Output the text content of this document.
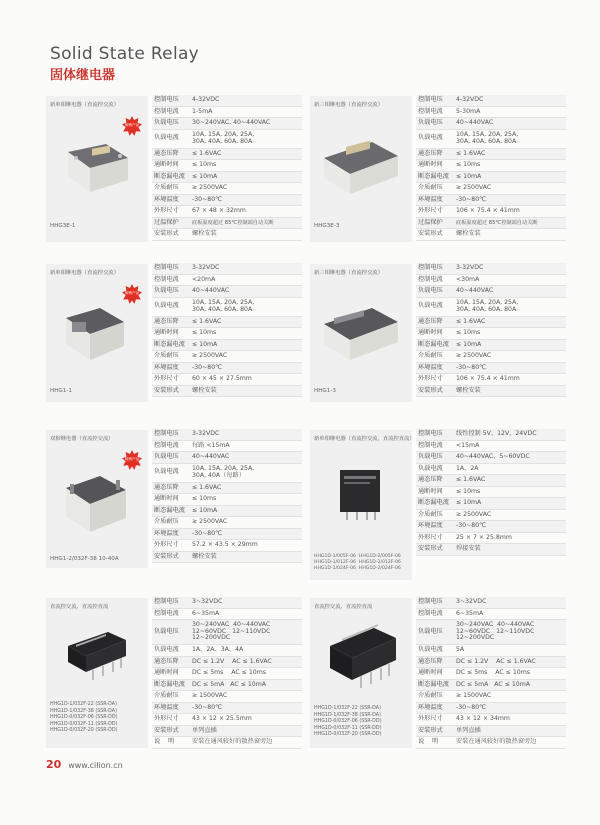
Solid State Relay
固体继电器
新单相继电器（直流控交流）
畅销产品
HHG3E-1
控制电压	4-32VDC
控制电流	1-5mA
负载电压	30~240VAC, 40~440VAC
负载电流	10A, 15A, 20A, 25A,
30A, 40A, 60A, 80A
通态压降	≤ 1.6VAC
通断时间	≤ 10ms
断态漏电流	≤ 10mA
介质耐压	≥ 2500VAC
环境温度	-30~80℃
外形尺寸	67 × 48 × 32mm
过温保护	底板温度超过 85℃控制端自动关断
安装形式	螺栓安装
新三相继电器（直流控交流）
HHG3E-3
控制电压	4-32VDC
控制电流	5-30mA
负载电压	40~440VAC
负载电流	10A, 15A, 20A, 25A,
30A, 40A, 60A, 80A
通态压降	≤ 1.6VAC
通断时间	≤ 10ms
断态漏电流	≤ 10mA
介质耐压	≥ 2500VAC
环境温度	-30~80℃
外形尺寸	106 × 75.4 × 41mm
过温保护	底板温度超过 85℃控制端自动关断
安装形式	螺栓安装
新单相继电器（直流控交流）
畅销产品
HHG1-1
控制电压	3-32VDC
控制电流	<20mA
负载电压	40~440VAC
负载电流	10A, 15A, 20A, 25A,
30A, 40A, 60A, 80A
通态压降	≤ 1.6VAC
通断时间	≤ 10ms
断态漏电流	≤ 10mA
介质耐压	≥ 2500VAC
环境温度	-30~80℃
外形尺寸	60 × 45 × 27.5mm
安装形式	螺栓安装
新三相继电器（直流控交流）
HHG1-3
控制电压	3-32VDC
控制电流	<30mA
负载电压	40~440VAC
负载电流	10A, 15A, 20A, 25A,
30A, 40A, 60A, 80A
通态压降	≤ 1.6VAC
通断时间	≤ 10ms
断态漏电流	≤ 10mA
介质耐压	≥ 2500VAC
环境温度	-30~80℃
外形尺寸	106 × 75.4 × 41mm
安装形式	螺栓安装
双相继电器（直流控交流）
畅销产品
HHG1-2/032F-38 10-40A
控制电压	3-32VDC
控制电流	每路 <15mA
负载电压	40~440VAC
负载电流	10A, 15A, 20A, 25A,
30A, 40A（每路）
通态压降	≤ 1.6VAC
通断时间	≤ 10ms
断态漏电流	≤ 10mA
介质耐压	≥ 2500VAC
环境温度	-30~80℃
外形尺寸	57.2 × 43.5 × 29mm
安装形式	螺栓安装
新单相继电器（直流控交流，直流控直流）
HHG1D-1/005F-06  HHG1D-2/005F-06
HHG1D-1/012F-06  HHG1D-2/012F-06
HHG1D-1/024F-06  HHG1D-2/024F-06
控制电压	线性控制 5V、12V、24VDC
控制电流	<15mA
负载电压	40~440VAC、5~60VDC
负载电流	1A、2A
通态压降	≤ 1.6VAC
通断时间	≤ 10ms
断态漏电流	≤ 10mA
介质耐压	≥ 2500VAC
环境温度	-30~80℃
外形尺寸	25 × 7 × 25.8mm
安装形式	焊接安装
直流控交流、直流控直流
HHG1D-1/032F-22 (SSR-DA)
HHG1D-1/032F-38 (SSR-DA)
HHG1D-0/032F-06 (SSR-DD)
HHG1D-0/032F-11 (SSR-DD)
HHG1D-0/032F-20 (SSR-DD)
控制电压	3~32VDC
控制电流	6~35mA
负载电压	30~240VAC  40~440VAC
12~60VDC   12~110VDC
12~200VDC
负载电流	1A、2A、3A、4A
通态压降	DC ≤ 1.2V    AC ≤ 1.6VAC
通断时间	DC ≤ 5ms    AC ≤ 10ms
断态漏电流	DC ≤ 5mA   AC ≤ 10mA
介质耐压	≥ 1500VAC
环境温度	-30~80℃
外形尺寸	43 × 12 × 25.5mm
安装形式	单列直插
说    明	安装在通风较好的散热窗旁边
直流控交流、直流控直流
HHG1D-1/032F-22 (SSR-DA)
HHG1D-1/032F-38 (SSR-DA)
HHG1D-0/032F-06 (SSR-DD)
HHG1D-0/032F-11 (SSR-DD)
HHG1D-0/032F-20 (SSR-DD)
控制电压	3~32VDC
控制电流	6~35mA
负载电压	30~240VAC  40~440VAC
12~60VDC   12~110VDC
12~200VDC
负载电流	5A
通态压降	DC ≤ 1.2V    AC ≤ 1.6VAC
通断时间	DC ≤ 5ms    AC ≤ 10ms
断态漏电流	DC ≤ 5mA   AC ≤ 10mA
介质耐压	≥ 1500VAC
环境温度	-30~80℃
外形尺寸	43 × 12 × 34mm
安装形式	单列直插
说    明	安装在通风较好的散热窗旁边
20 www.cilion.cn
